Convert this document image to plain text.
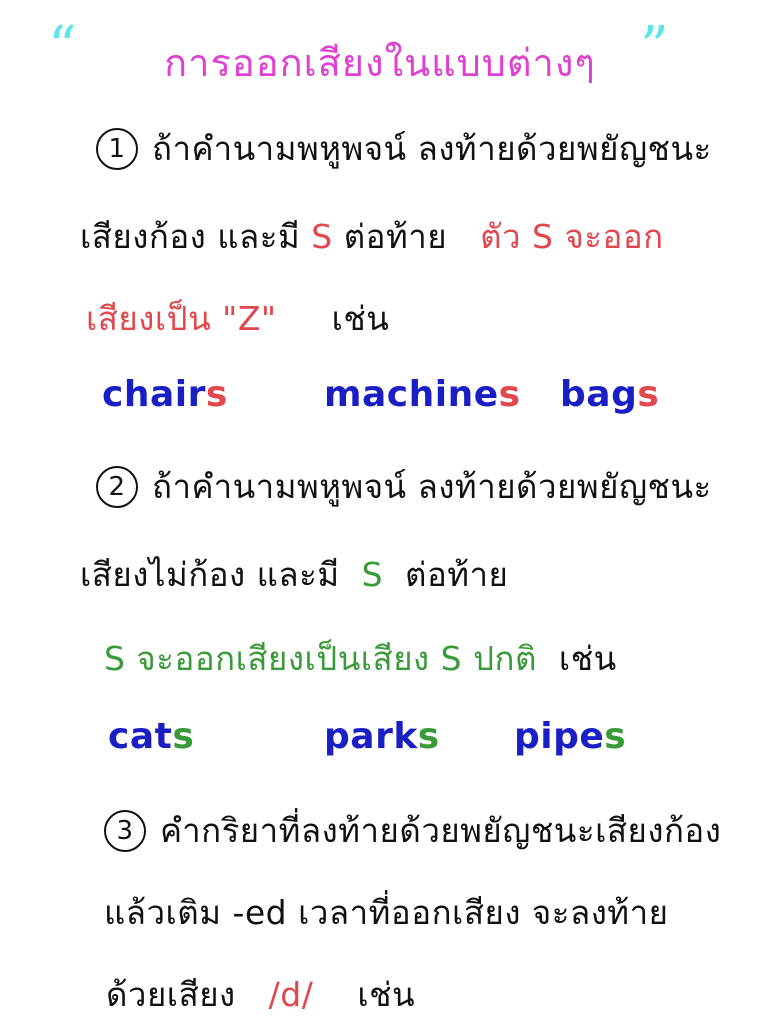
“	การออกเสียงในแบบต่างๆ ”
1 ถ้าคำนามพหูพจน์ ลงท้ายด้วยพยัญชนะ
เสียงก้อง และมี S ต่อท้าย ตัว S จะออก
เสียงเป็น "Z" เช่น
chairs	machines bags
2 ถ้าคำนามพหูพจน์ ลงท้ายด้วยพยัญชนะ
เสียงไม่ก้อง และมี S ต่อท้าย
S จะออกเสียงเป็นเสียง S ปกติ เช่น
cats	parks pipes
3 คำกริยาที่ลงท้ายด้วยพยัญชนะเสียงก้อง
แล้วเติม -ed เวลาที่ออกเสียง จะลงท้าย
ด้วยเสียง /d/ เช่น
